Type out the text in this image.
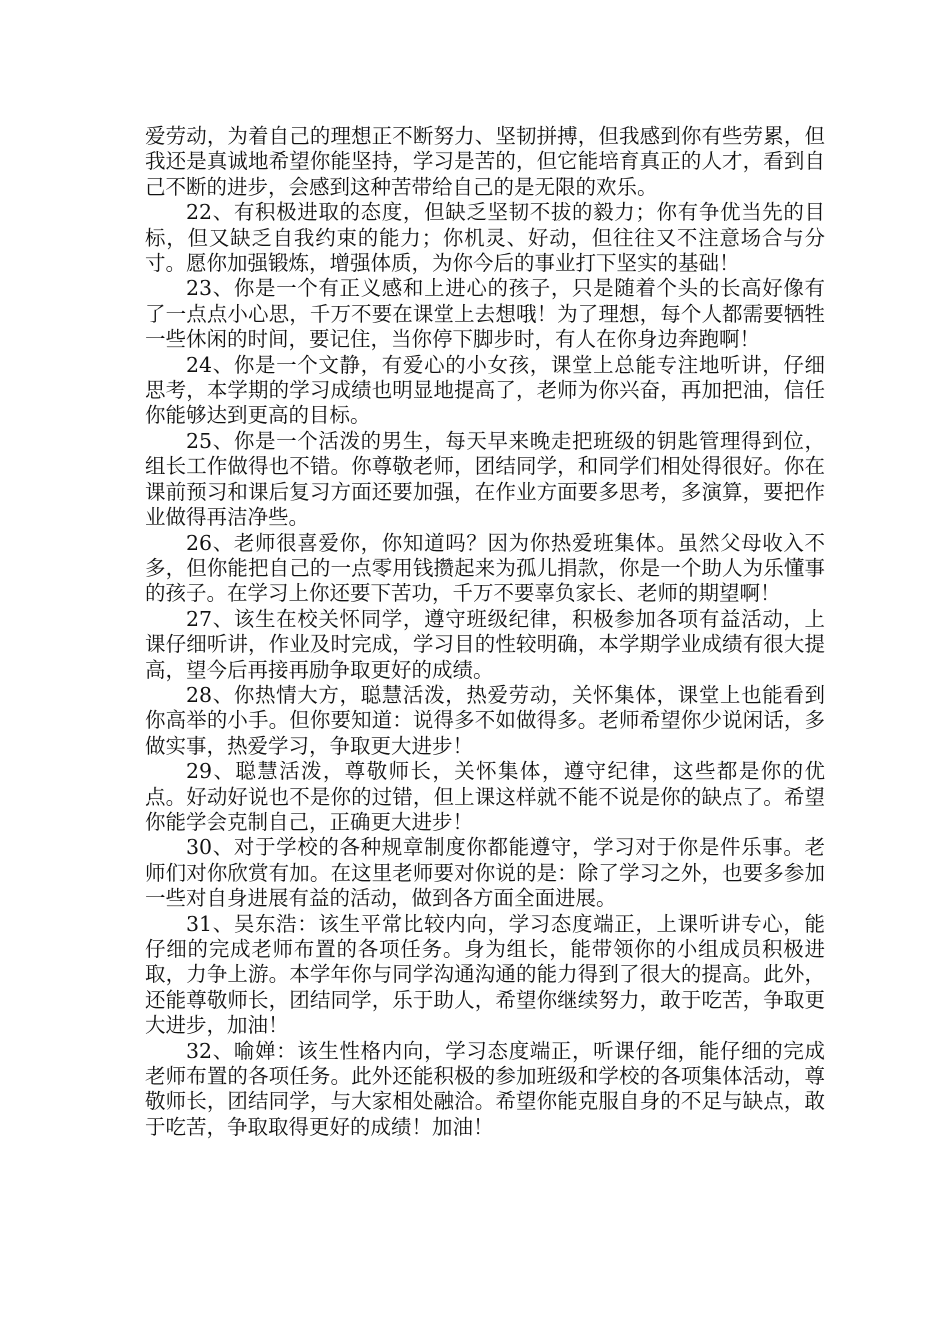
爱劳动，为着自己的理想正不断努力、坚韧拼搏，但我感到你有些劳累，但我还是真诚地希望你能坚持，学习是苦的，但它能培育真正的人才，看到自己不断的进步，会感到这种苦带给自己的是无限的欢乐。

22、有积极进取的态度，但缺乏坚韧不拔的毅力；你有争优当先的目标，但又缺乏自我约束的能力；你机灵、好动，但往往又不注意场合与分寸。愿你加强锻炼，增强体质，为你今后的事业打下坚实的基础！

23、你是一个有正义感和上进心的孩子，只是随着个头的长高好像有了一点点小心思，千万不要在课堂上去想哦！为了理想，每个人都需要牺牲一些休闲的时间，要记住，当你停下脚步时，有人在你身边奔跑啊！

24、你是一个文静，有爱心的小女孩，课堂上总能专注地听讲，仔细思考，本学期的学习成绩也明显地提高了，老师为你兴奋，再加把油，信任你能够达到更高的目标。

25、你是一个活泼的男生，每天早来晚走把班级的钥匙管理得到位，组长工作做得也不错。你尊敬老师，团结同学，和同学们相处得很好。你在课前预习和课后复习方面还要加强，在作业方面要多思考，多演算，要把作业做得再洁净些。

26、老师很喜爱你，你知道吗？因为你热爱班集体。虽然父母收入不多，但你能把自己的一点零用钱攒起来为孤儿捐款，你是一个助人为乐懂事的孩子。在学习上你还要下苦功，千万不要辜负家长、老师的期望啊！

27、该生在校关怀同学，遵守班级纪律，积极参加各项有益活动，上课仔细听讲，作业及时完成，学习目的性较明确，本学期学业成绩有很大提高，望今后再接再励争取更好的成绩。

28、你热情大方，聪慧活泼，热爱劳动，关怀集体，课堂上也能看到你高举的小手。但你要知道：说得多不如做得多。老师希望你少说闲话，多做实事，热爱学习，争取更大进步！

29、聪慧活泼，尊敬师长，关怀集体，遵守纪律，这些都是你的优点。好动好说也不是你的过错，但上课这样就不能不说是你的缺点了。希望你能学会克制自己，正确更大进步！

30、对于学校的各种规章制度你都能遵守，学习对于你是件乐事。老师们对你欣赏有加。在这里老师要对你说的是：除了学习之外，也要多参加一些对自身进展有益的活动，做到各方面全面进展。

31、吴东浩：该生平常比较内向，学习态度端正，上课听讲专心，能仔细的完成老师布置的各项任务。身为组长，能带领你的小组成员积极进取，力争上游。本学年你与同学沟通沟通的能力得到了很大的提高。此外，还能尊敬师长，团结同学，乐于助人，希望你继续努力，敢于吃苦，争取更大进步，加油！

32、喻婵：该生性格内向，学习态度端正，听课仔细，能仔细的完成老师布置的各项任务。此外还能积极的参加班级和学校的各项集体活动，尊敬师长，团结同学，与大家相处融洽。希望你能克服自身的不足与缺点，敢于吃苦，争取取得更好的成绩！加油！
